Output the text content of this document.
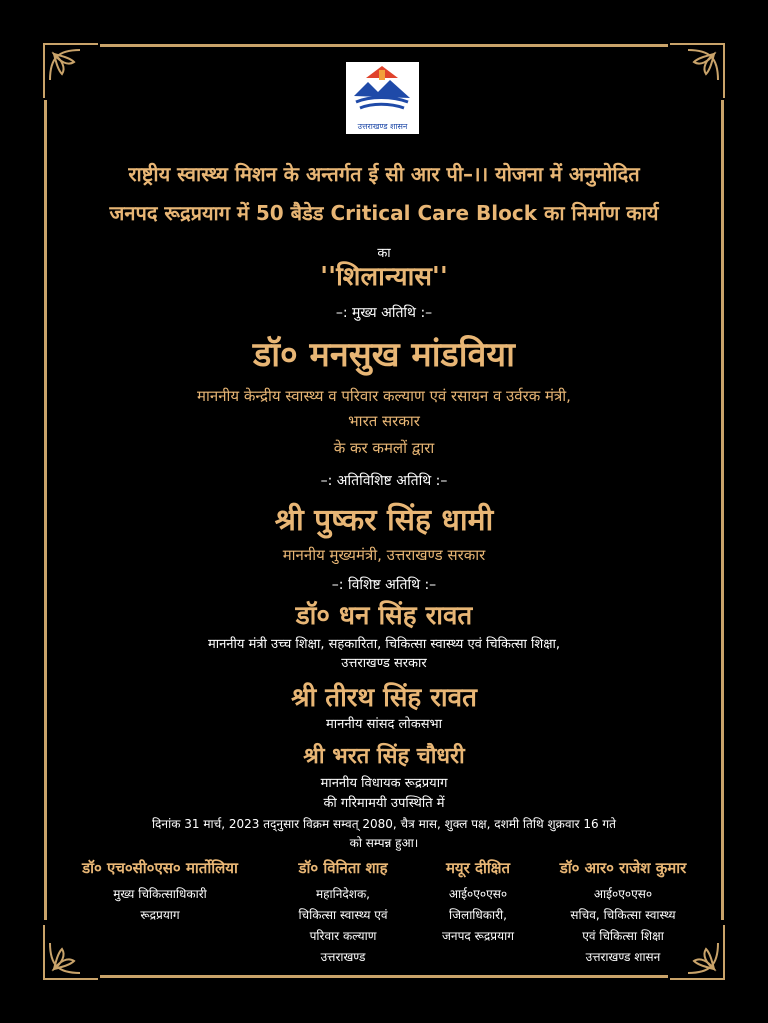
उत्तराखण्ड शासन
राष्ट्रीय स्वास्थ्य मिशन के अन्तर्गत ई सी आर पी–।। योजना में अनुमोदित
जनपद रूद्रप्रयाग में 50 बैडेड Critical Care Block का निर्माण कार्य
का
''शिलान्यास''
–: मुख्य अतिथि :–
डॉ० मनसुख मांडविया
माननीय केन्द्रीय स्वास्थ्य व परिवार कल्याण एवं रसायन व उर्वरक मंत्री,
भारत सरकार
के कर कमलों द्वारा
–: अतिविशिष्ट अतिथि :–
श्री पुष्कर सिंह धामी
माननीय मुख्यमंत्री, उत्तराखण्ड सरकार
–: विशिष्ट अतिथि :–
डॉ० धन सिंह रावत
माननीय मंत्री उच्च शिक्षा, सहकारिता, चिकित्सा स्वास्थ्य एवं चिकित्सा शिक्षा,
उत्तराखण्ड सरकार
श्री तीरथ सिंह रावत
माननीय सांसद लोकसभा
श्री भरत सिंह चौधरी
माननीय विधायक रूद्रप्रयाग
की गरिमामयी उपस्थिति में
दिनांक 31 मार्च, 2023 तद्नुसार विक्रम सम्वत् 2080, चैत्र मास, शुक्ल पक्ष, दशमी तिथि शुक्रवार 16 गते
को सम्पन्न हुआ।
डॉ० एच०सी०एस० मार्तोलिया
मुख्य चिकित्साधिकारी
रूद्रप्रयाग
डॉ० विनिता शाह
महानिदेशक,
चिकित्सा स्वास्थ्य एवं
परिवार कल्याण
उत्तराखण्ड
मयूर दीक्षित
आई०ए०एस०
जिलाधिकारी,
जनपद रूद्रप्रयाग
डॉ० आर० राजेश कुमार
आई०ए०एस०
सचिव, चिकित्सा स्वास्थ्य
एवं चिकित्सा शिक्षा
उत्तराखण्ड शासन
